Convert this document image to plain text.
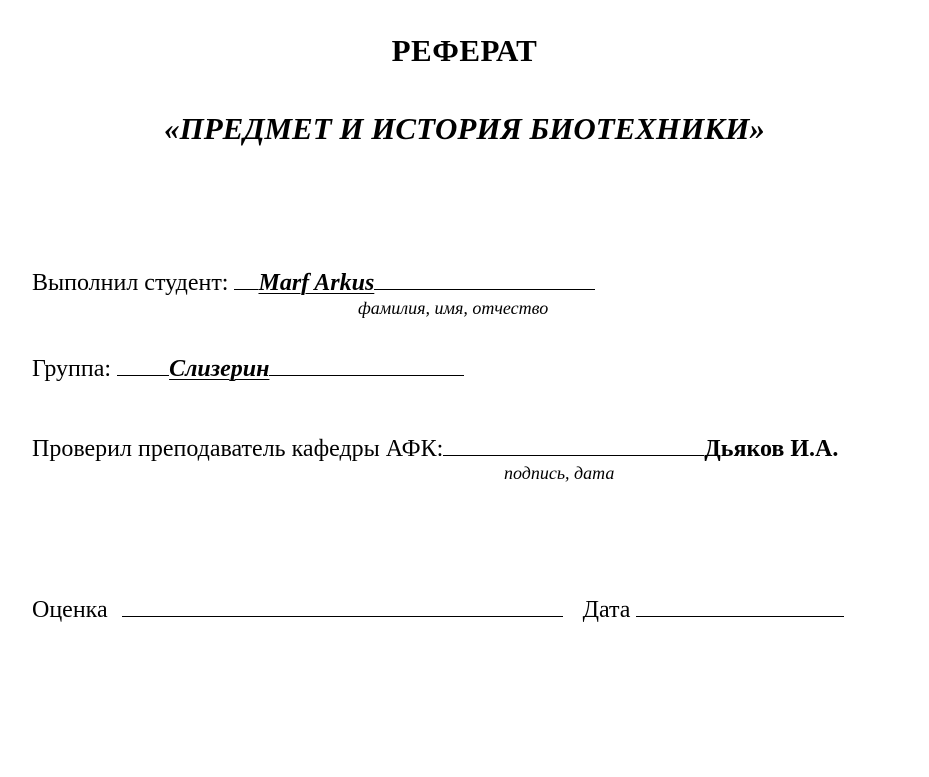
РЕФЕРАТ
«ПРЕДМЕТ И ИСТОРИЯ БИОТЕХНИКИ»
Выполнил студент: Marf Arkus
фамилия, имя, отчество
Группа: Слизерин
Проверил преподаватель кафедры АФК:	Дьяков И.А.
подпись, дата
Оценка	Дата
